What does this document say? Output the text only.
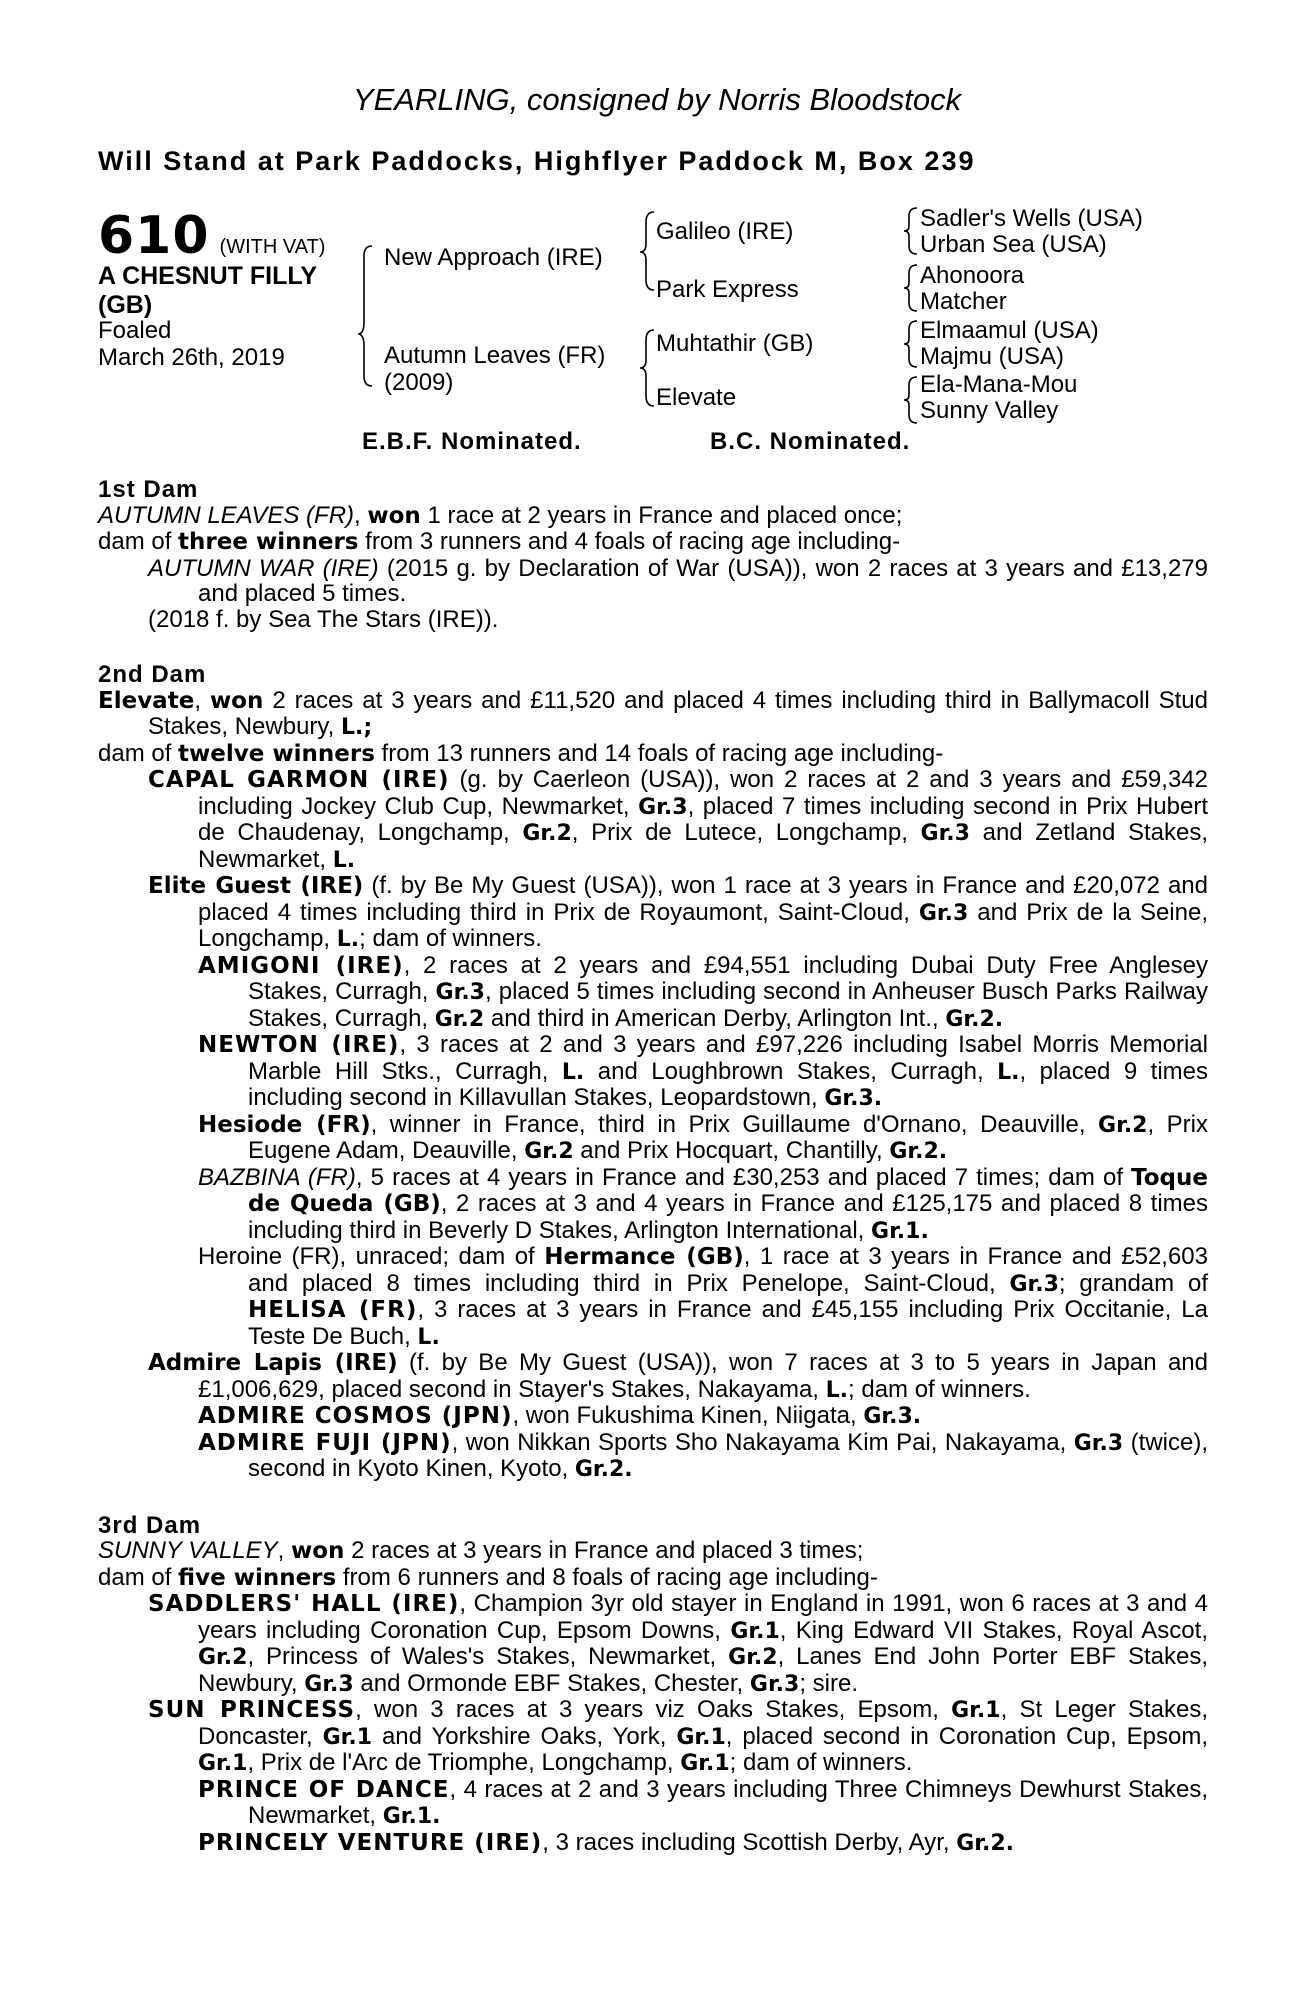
YEARLING, consigned by Norris Bloodstock
Will Stand at Park Paddocks, Highflyer Paddock M, Box 239
610 (WITH VAT)
A CHESNUT FILLY
(GB)
Foaled
March 26th, 2019
New Approach (IRE)
Autumn Leaves (FR)
(2009)
Galileo (IRE)
Park Express
Muhtathir (GB)
Elevate
Sadler's Wells (USA)
Urban Sea (USA)
Ahonoora
Matcher
Elmaamul (USA)
Majmu (USA)
Ela-Mana-Mou
Sunny Valley
E.B.F. Nominated.	B.C. Nominated.
1st Dam
AUTUMN LEAVES (FR), won 1 race at 2 years in France and placed once;
dam of three winners from 3 runners and 4 foals of racing age including-
AUTUMN WAR (IRE) (2015 g. by Declaration of War (USA)), won 2 races at 3 years and £13,279 and placed 5 times.
(2018 f. by Sea The Stars (IRE)).
2nd Dam
Elevate, won 2 races at 3 years and £11,520 and placed 4 times including third in Ballymacoll Stud Stakes, Newbury, L.;
dam of twelve winners from 13 runners and 14 foals of racing age including-
CAPAL GARMON (IRE) (g. by Caerleon (USA)), won 2 races at 2 and 3 years and £59,342 including Jockey Club Cup, Newmarket, Gr.3, placed 7 times including second in Prix Hubert de Chaudenay, Longchamp, Gr.2, Prix de Lutece, Longchamp, Gr.3 and Zetland Stakes, Newmarket, L.
Elite Guest (IRE) (f. by Be My Guest (USA)), won 1 race at 3 years in France and £20,072 and placed 4 times including third in Prix de Royaumont, Saint-Cloud, Gr.3 and Prix de la Seine, Longchamp, L.; dam of winners.
AMIGONI (IRE), 2 races at 2 years and £94,551 including Dubai Duty Free Anglesey Stakes, Curragh, Gr.3, placed 5 times including second in Anheuser Busch Parks Railway Stakes, Curragh, Gr.2 and third in American Derby, Arlington Int., Gr.2.
NEWTON (IRE), 3 races at 2 and 3 years and £97,226 including Isabel Morris Memorial Marble Hill Stks., Curragh, L. and Loughbrown Stakes, Curragh, L., placed 9 times including second in Killavullan Stakes, Leopardstown, Gr.3.
Hesiode (FR), winner in France, third in Prix Guillaume d'Ornano, Deauville, Gr.2, Prix Eugene Adam, Deauville, Gr.2 and Prix Hocquart, Chantilly, Gr.2.
BAZBINA (FR), 5 races at 4 years in France and £30,253 and placed 7 times; dam of Toque de Queda (GB), 2 races at 3 and 4 years in France and £125,175 and placed 8 times including third in Beverly D Stakes, Arlington International, Gr.1.
Heroine (FR), unraced; dam of Hermance (GB), 1 race at 3 years in France and £52,603 and placed 8 times including third in Prix Penelope, Saint-Cloud, Gr.3; grandam of HELISA (FR), 3 races at 3 years in France and £45,155 including Prix Occitanie, La Teste De Buch, L.
Admire Lapis (IRE) (f. by Be My Guest (USA)), won 7 races at 3 to 5 years in Japan and £1,006,629, placed second in Stayer's Stakes, Nakayama, L.; dam of winners.
ADMIRE COSMOS (JPN), won Fukushima Kinen, Niigata, Gr.3.
ADMIRE FUJI (JPN), won Nikkan Sports Sho Nakayama Kim Pai, Nakayama, Gr.3 (twice), second in Kyoto Kinen, Kyoto, Gr.2.
3rd Dam
SUNNY VALLEY, won 2 races at 3 years in France and placed 3 times;
dam of five winners from 6 runners and 8 foals of racing age including-
SADDLERS' HALL (IRE), Champion 3yr old stayer in England in 1991, won 6 races at 3 and 4 years including Coronation Cup, Epsom Downs, Gr.1, King Edward VII Stakes, Royal Ascot, Gr.2, Princess of Wales's Stakes, Newmarket, Gr.2, Lanes End John Porter EBF Stakes, Newbury, Gr.3 and Ormonde EBF Stakes, Chester, Gr.3; sire.
SUN PRINCESS, won 3 races at 3 years viz Oaks Stakes, Epsom, Gr.1, St Leger Stakes, Doncaster, Gr.1 and Yorkshire Oaks, York, Gr.1, placed second in Coronation Cup, Epsom, Gr.1, Prix de l'Arc de Triomphe, Longchamp, Gr.1; dam of winners.
PRINCE OF DANCE, 4 races at 2 and 3 years including Three Chimneys Dewhurst Stakes, Newmarket, Gr.1.
PRINCELY VENTURE (IRE), 3 races including Scottish Derby, Ayr, Gr.2.
